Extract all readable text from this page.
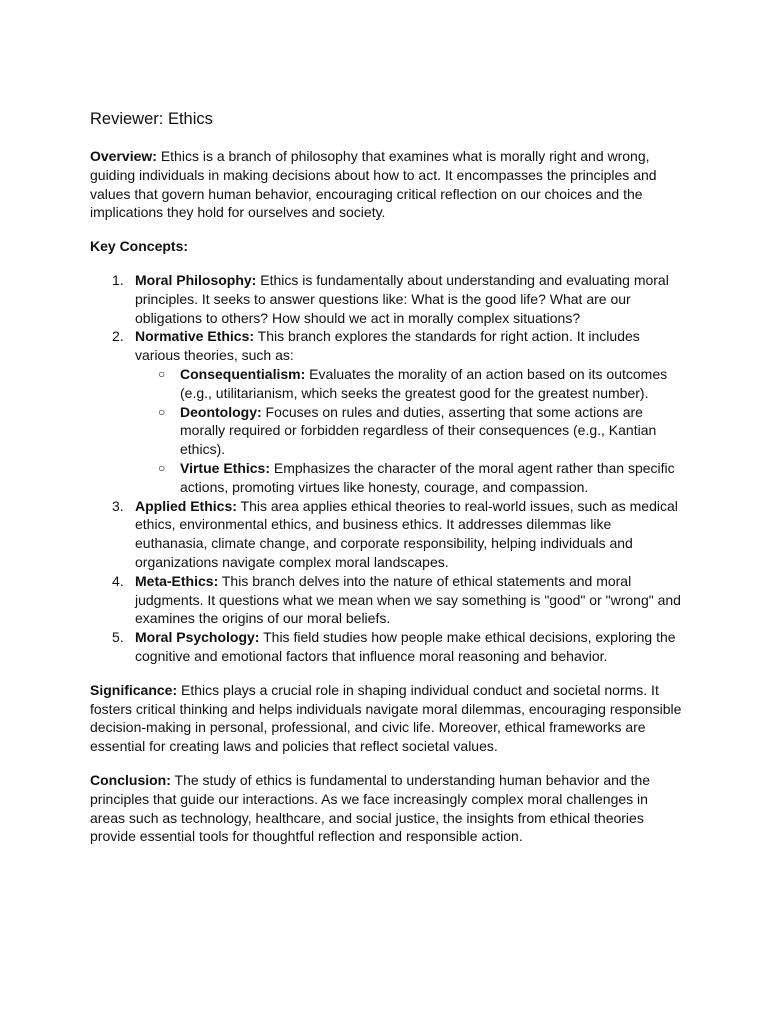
Reviewer: Ethics

Overview: Ethics is a branch of philosophy that examines what is morally right and wrong, guiding individuals in making decisions about how to act. It encompasses the principles and values that govern human behavior, encouraging critical reflection on our choices and the implications they hold for ourselves and society.

Key Concepts:
1. Moral Philosophy: Ethics is fundamentally about understanding and evaluating moral principles. It seeks to answer questions like: What is the good life? What are our obligations to others? How should we act in morally complex situations?
2. Normative Ethics: This branch explores the standards for right action. It includes various theories, such as:
○ Consequentialism: Evaluates the morality of an action based on its outcomes (e.g., utilitarianism, which seeks the greatest good for the greatest number).
○ Deontology: Focuses on rules and duties, asserting that some actions are morally required or forbidden regardless of their consequences (e.g., Kantian ethics).
○ Virtue Ethics: Emphasizes the character of the moral agent rather than specific actions, promoting virtues like honesty, courage, and compassion.
3. Applied Ethics: This area applies ethical theories to real-world issues, such as medical ethics, environmental ethics, and business ethics. It addresses dilemmas like euthanasia, climate change, and corporate responsibility, helping individuals and organizations navigate complex moral landscapes.
4. Meta-Ethics: This branch delves into the nature of ethical statements and moral judgments. It questions what we mean when we say something is "good" or "wrong" and examines the origins of our moral beliefs.
5. Moral Psychology: This field studies how people make ethical decisions, exploring the cognitive and emotional factors that influence moral reasoning and behavior.

Significance: Ethics plays a crucial role in shaping individual conduct and societal norms. It fosters critical thinking and helps individuals navigate moral dilemmas, encouraging responsible decision-making in personal, professional, and civic life. Moreover, ethical frameworks are essential for creating laws and policies that reflect societal values.

Conclusion: The study of ethics is fundamental to understanding human behavior and the principles that guide our interactions. As we face increasingly complex moral challenges in areas such as technology, healthcare, and social justice, the insights from ethical theories provide essential tools for thoughtful reflection and responsible action.
